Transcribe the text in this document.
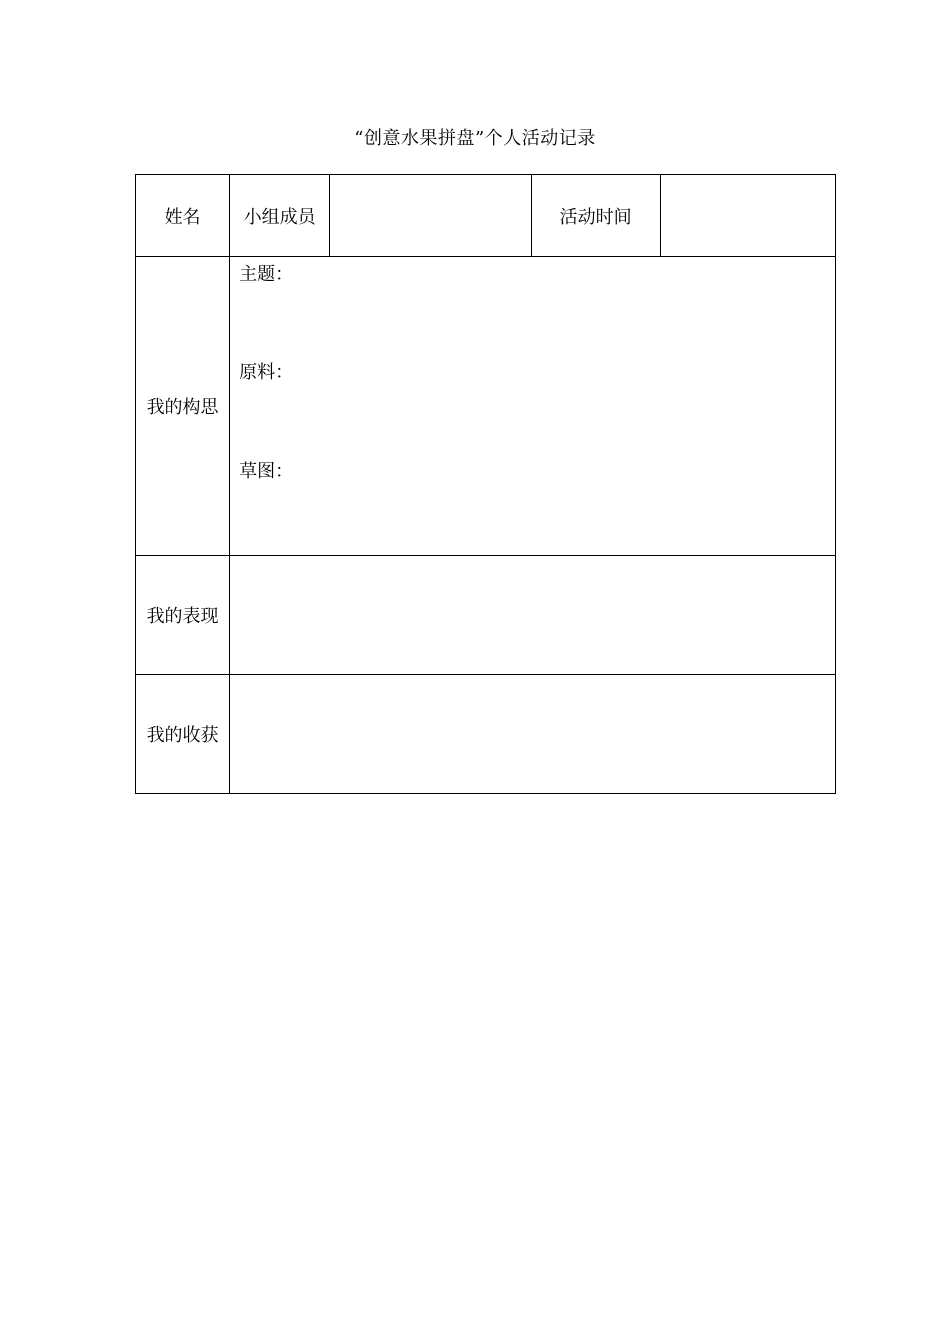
“创意水果拼盘”个人活动记录
姓名	小组成员		活动时间	
我的构思	主题：
原料：
草图：			

我的表现				
我的收获				
